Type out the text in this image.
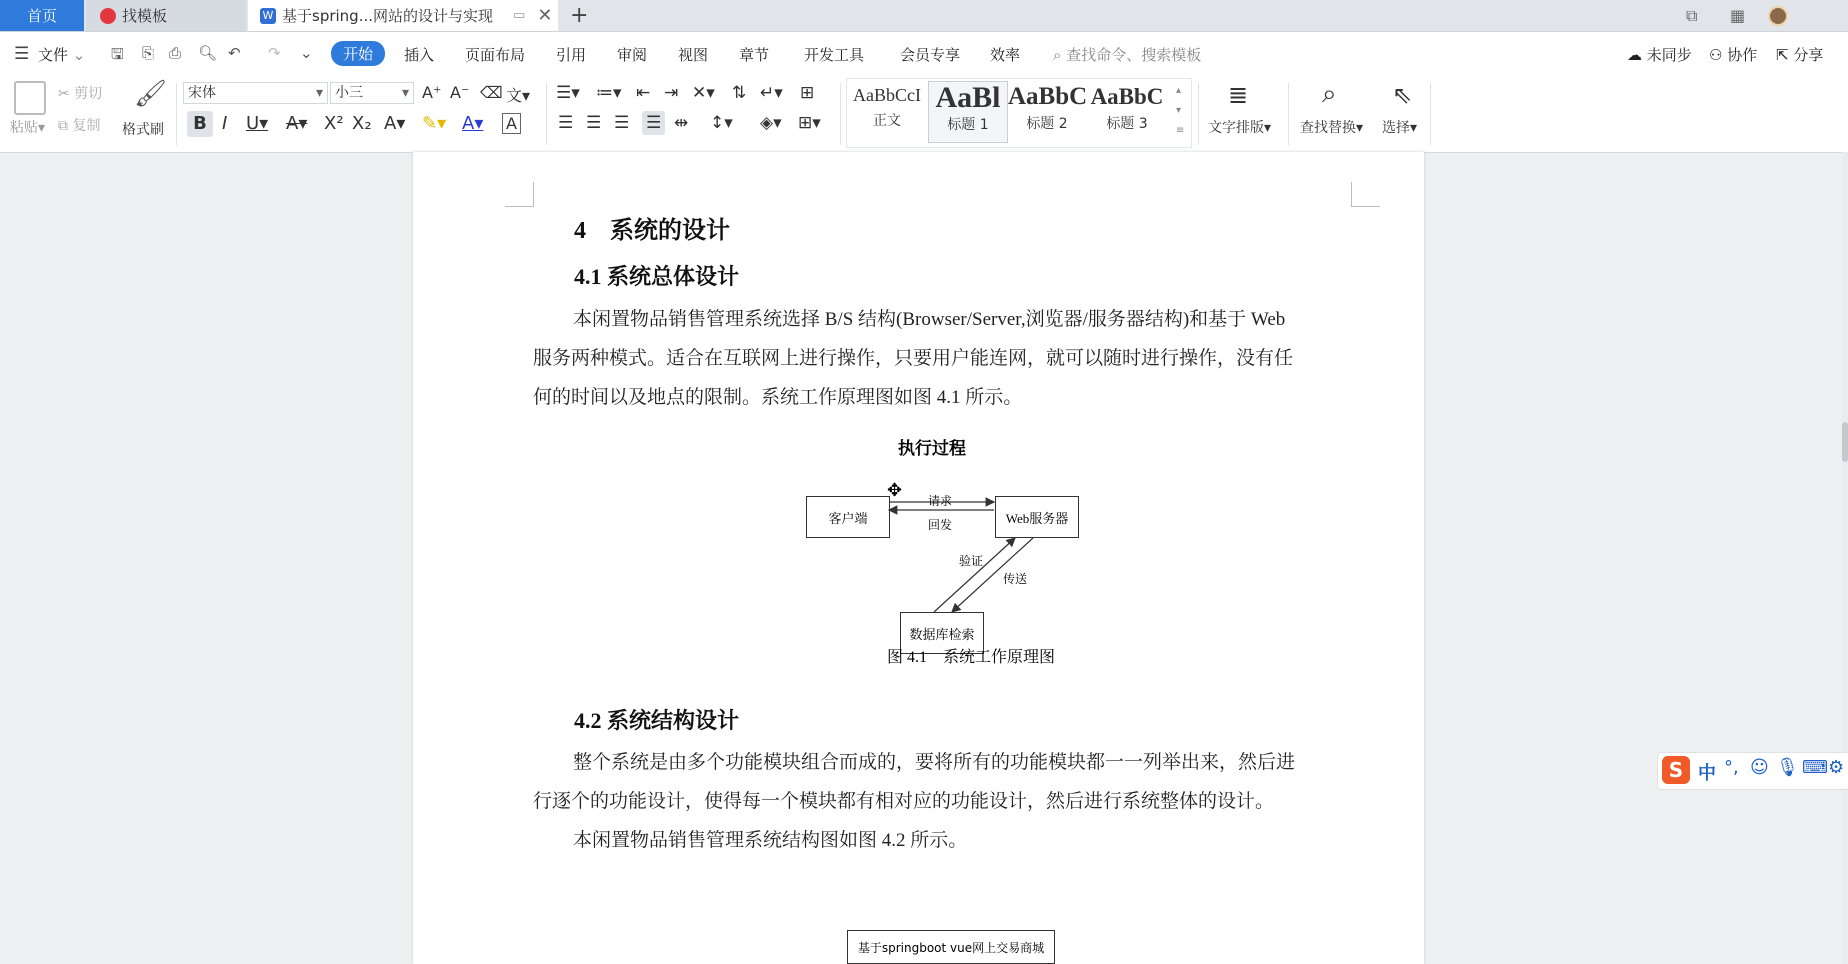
首页	找模板	W 基于spring...网站的设计与实现 ▭ ✕ +	⧉ ▦
☰ 文件 ⌄ 🖫 ⎘ ⎙ 🔍︎ ↶ ↷ ⌄	开始	插入 页面布局 引用 审阅 视图 章节 开发工具 会员专享 效率 ⌕ 查找命令、搜索模板	☁ 未同步 ⚇ 协作 ⇱ 分享
粘贴▾
✂ 剪切
⧉ 复制
🖌
格式刷
宋体	▾ 小三	▾ A⁺ A⁻ ⌫ 文▾
B I U▾ A▾ X² X₂ A▾ ✎▾ A▾ A
☰▾ ≔▾ ⇤ ⇥ ✕▾ ⇅ ↵▾ ⊞
☰ ☰ ☰ ☰ ⇹ ↕▾ ◈▾ ⊞▾
AaBbCcI
正文
AaBl
标题 1
AaBbC
标题 2
AaBbC
标题 3
▴
▾
≡
≣
文字排版▾
⌕
查找替换▾
⇖
选择▾
4　系统的设计
4.1 系统总体设计
本闲置物品销售管理系统选择 B/S 结构(Browser/Server,浏览器/服务器结构)和基于 Web
服务两种模式。适合在互联网上进行操作，只要用户能连网，就可以随时进行操作，没有任
何的时间以及地点的限制。系统工作原理图如图 4.1 所示。
执行过程
客户端	Web服务器
数据库检索
请求
回发
验证
传送
图 4.1　系统工作原理图
✥
4.2 系统结构设计
整个系统是由多个功能模块组合而成的，要将所有的功能模块都一一列举出来，然后进
行逐个的功能设计，使得每一个模块都有相对应的功能设计，然后进行系统整体的设计。
本闲置物品销售管理系统结构图如图 4.2 所示。
基于springboot vue网上交易商城
S 中 °, ☺ 🎙︎ ⌨ ⚙
